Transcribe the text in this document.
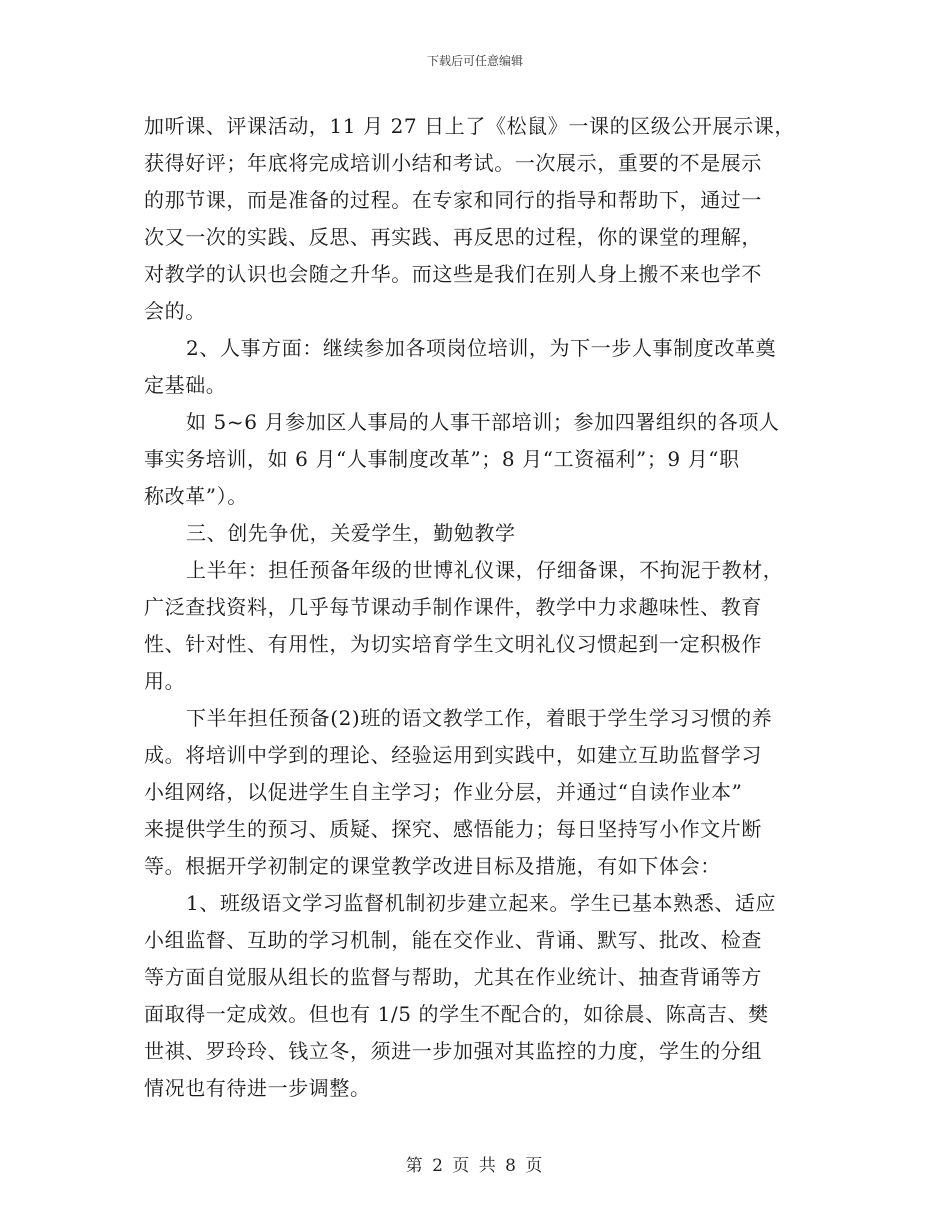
下载后可任意编辑
加听课、评课活动，11 月 27 日上了《松鼠》一课的区级公开展示课，
获得好评；年底将完成培训小结和考试。一次展示，重要的不是展示
的那节课，而是准备的过程。在专家和同行的指导和帮助下，通过一
次又一次的实践、反思、再实践、再反思的过程，你的课堂的理解，
对教学的认识也会随之升华。而这些是我们在别人身上搬不来也学不
会的。
2、人事方面：继续参加各项岗位培训，为下一步人事制度改革奠
定基础。
如 5~6 月参加区人事局的人事干部培训；参加四署组织的各项人
事实务培训，如 6 月“人事制度改革”；8 月“工资福利”；9 月“职
称改革”）。
三、创先争优，关爱学生，勤勉教学
上半年：担任预备年级的世博礼仪课，仔细备课，不拘泥于教材，
广泛查找资料，几乎每节课动手制作课件，教学中力求趣味性、教育
性、针对性、有用性，为切实培育学生文明礼仪习惯起到一定积极作
用。
下半年担任预备(2)班的语文教学工作，着眼于学生学习习惯的养
成。将培训中学到的理论、经验运用到实践中，如建立互助监督学习
小组网络，以促进学生自主学习；作业分层，并通过“自读作业本”
来提供学生的预习、质疑、探究、感悟能力；每日坚持写小作文片断
等。根据开学初制定的课堂教学改进目标及措施，有如下体会：
1、班级语文学习监督机制初步建立起来。学生已基本熟悉、适应
小组监督、互助的学习机制，能在交作业、背诵、默写、批改、检查
等方面自觉服从组长的监督与帮助，尤其在作业统计、抽查背诵等方
面取得一定成效。但也有 1/5 的学生不配合的，如徐晨、陈高吉、樊
世祺、罗玲玲、钱立冬，须进一步加强对其监控的力度，学生的分组
情况也有待进一步调整。
第 2 页 共 8 页
